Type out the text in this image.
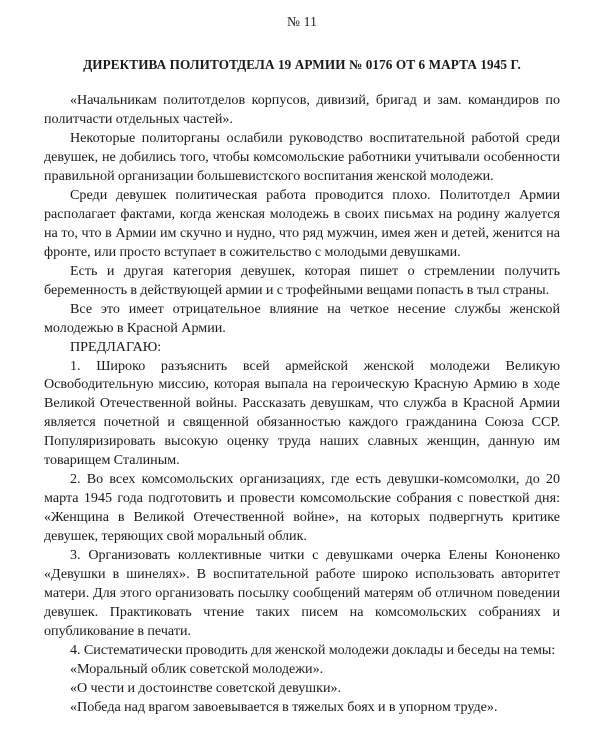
№ 11
ДИРЕКТИВА ПОЛИТОТДЕЛА 19 АРМИИ № 0176 ОТ 6 МАРТА 1945 Г.

«Начальникам политотделов корпусов, дивизий, бригад и зам. командиров по политчасти отдельных частей».

Некоторые политорганы ослабили руководство воспитательной работой среди девушек, не добились того, чтобы комсомольские работники учитывали особенности правильной организации большевистского воспитания женской молодежи.

Среди девушек политическая работа проводится плохо. Политотдел Армии располагает фактами, когда женская молодежь в своих письмах на родину жалуется на то, что в Армии им скучно и нудно, что ряд мужчин, имея жен и детей, женится на фронте, или просто вступает в сожительство с молодыми девушками.

Есть и другая категория девушек, которая пишет о стремлении получить беременность в действующей армии и с трофейными вещами попасть в тыл страны.

Все это имеет отрицательное влияние на четкое несение службы женской молодежью в Красной Армии.

ПРЕДЛАГАЮ:

1. Широко разъяснить всей армейской женской молодежи Великую Освободительную миссию, которая выпала на героическую Красную Армию в ходе Великой Отечественной войны. Рассказать девушкам, что служба в Красной Армии является почетной и священной обязанностью каждого гражданина Союза ССР. Популяризировать высокую оценку труда наших славных женщин, данную им товарищем Сталиным.

2. Во всех комсомольских организациях, где есть девушки-комсомолки, до 20 марта 1945 года подготовить и провести комсомольские собрания с повесткой дня: «Женщина в Великой Отечественной войне», на которых подвергнуть критике девушек, теряющих свой моральный облик.

3. Организовать коллективные читки с девушками очерка Елены Кононенко «Девушки в шинелях». В воспитательной работе широко использовать авторитет матери. Для этого организовать посылку сообщений матерям об отличном поведении девушек. Практиковать чтение таких писем на комсомольских собраниях и опубликование в печати.

4. Систематически проводить для женской молодежи доклады и беседы на темы:

«Моральный облик советской молодежи».

«О чести и достоинстве советской девушки».

«Победа над врагом завоевывается в тяжелых боях и в упорном труде».
